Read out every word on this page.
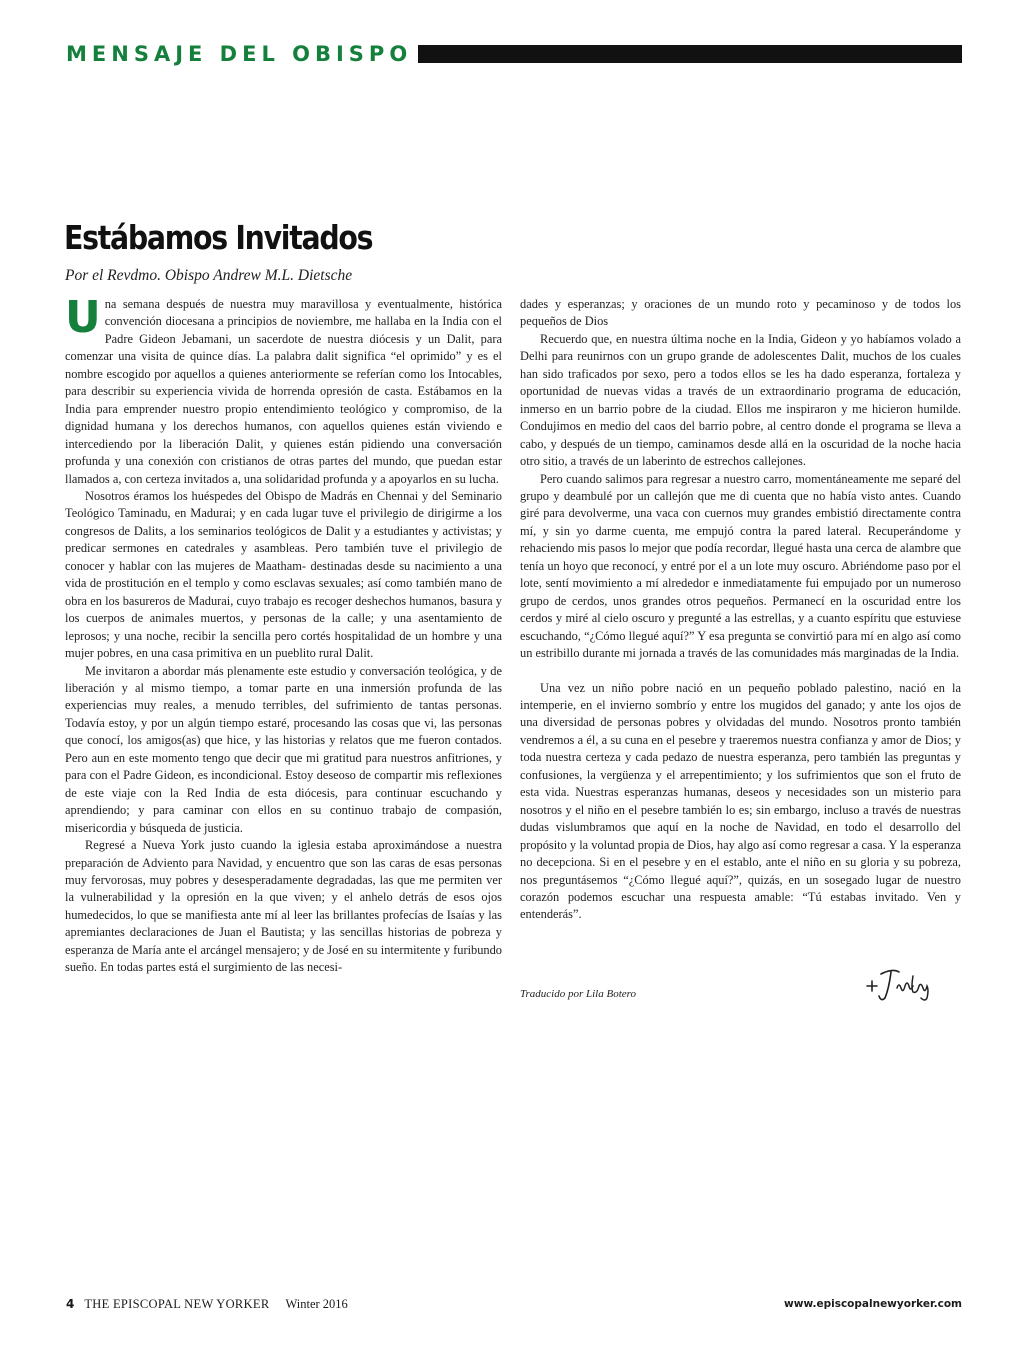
MENSAJE DEL OBISPO
Estábamos Invitados
Por el Revdmo. Obispo Andrew M.L. Dietsche

Una semana después de nuestra muy maravillosa y eventualmente, histórica convención diocesana a principios de noviembre, me hallaba en la India con el Padre Gideon Jebamani, un sacerdote de nuestra diócesis y un Dalit, para comenzar una visita de quince días. La palabra dalit significa “el oprimido” y es el nombre escogido por aquellos a quienes anteriormente se referían como los Intocables, para describir su experiencia vivida de horrenda opresión de casta. Estábamos en la India para emprender nuestro propio entendimiento teológico y compromiso, de la dignidad humana y los derechos humanos, con aquellos quienes están viviendo e intercediendo por la liberación Dalit, y quienes están pidiendo una conversación profunda y una conexión con cristianos de otras partes del mundo, que puedan estar llamados a, con certeza invitados a, una solidaridad profunda y a apoyarlos en su lucha.

Nosotros éramos los huéspedes del Obispo de Madrás en Chennai y del Seminario Teológico Taminadu, en Madurai; y en cada lugar tuve el privilegio de dirigirme a los congresos de Dalits, a los seminarios teológicos de Dalit y a estudiantes y activistas; y predicar sermones en catedrales y asambleas. Pero también tuve el privilegio de conocer y hablar con las mujeres de Maatham- destinadas desde su nacimiento a una vida de prostitución en el templo y como esclavas sexuales; así como también mano de obra en los basureros de Madurai, cuyo trabajo es recoger deshechos humanos, basura y los cuerpos de animales muertos, y personas de la calle; y una asentamiento de leprosos; y una noche, recibir la sencilla pero cortés hospitalidad de un hombre y una mujer pobres, en una casa primitiva en un pueblito rural Dalit.

Me invitaron a abordar más plenamente este estudio y conversación teológica, y de liberación y al mismo tiempo, a tomar parte en una inmersión profunda de las experiencias muy reales, a menudo terribles, del sufrimiento de tantas personas. Todavía estoy, y por un algún tiempo estaré, procesando las cosas que vi, las personas que conocí, los amigos(as) que hice, y las historias y relatos que me fueron contados. Pero aun en este momento tengo que decir que mi gratitud para nuestros anfitriones, y para con el Padre Gideon, es incondicional. Estoy deseoso de compartir mis reflexiones de este viaje con la Red India de esta diócesis, para continuar escuchando y aprendiendo; y para caminar con ellos en su continuo trabajo de compasión, misericordia y búsqueda de justicia.

Regresé a Nueva York justo cuando la iglesia estaba aproximándose a nuestra preparación de Adviento para Navidad, y encuentro que son las caras de esas personas muy fervorosas, muy pobres y desesperadamente degradadas, las que me permiten ver la vulnerabilidad y la opresión en la que viven; y el anhelo detrás de esos ojos humedecidos, lo que se manifiesta ante mí al leer las brillantes profecías de Isaías y las apremiantes declaraciones de Juan el Bautista; y las sencillas historias de pobreza y esperanza de María ante el arcángel mensajero; y de José en su intermitente y furibundo sueño. En todas partes está el surgimiento de las necesi-

dades y esperanzas; y oraciones de un mundo roto y pecaminoso y de todos los pequeños de Dios

Recuerdo que, en nuestra última noche en la India, Gideon y yo habíamos volado a Delhi para reunirnos con un grupo grande de adolescentes Dalit, muchos de los cuales han sido traficados por sexo, pero a todos ellos se les ha dado esperanza, fortaleza y oportunidad de nuevas vidas a través de un extraordinario programa de educación, inmerso en un barrio pobre de la ciudad. Ellos me inspiraron y me hicieron humilde. Condujimos en medio del caos del barrio pobre, al centro donde el programa se lleva a cabo, y después de un tiempo, caminamos desde allá en la oscuridad de la noche hacia otro sitio, a través de un laberinto de estrechos callejones.

Pero cuando salimos para regresar a nuestro carro, momentáneamente me separé del grupo y deambulé por un callejón que me di cuenta que no había visto antes. Cuando giré para devolverme, una vaca con cuernos muy grandes embistió directamente contra mí, y sin yo darme cuenta, me empujó contra la pared lateral. Recuperándome y rehaciendo mis pasos lo mejor que podía recordar, llegué hasta una cerca de alambre que tenía un hoyo que reconocí, y entré por el a un lote muy oscuro. Abriéndome paso por el lote, sentí movimiento a mí alrededor e inmediatamente fui empujado por un numeroso grupo de cerdos, unos grandes otros pequeños. Permanecí en la oscuridad entre los cerdos y miré al cielo oscuro y pregunté a las estrellas, y a cuanto espíritu que estuviese escuchando, “¿Cómo llegué aquí?” Y esa pregunta se convirtió para mí en algo así como un estribillo durante mi jornada a través de las comunidades más marginadas de la India.

Una vez un niño pobre nació en un pequeño poblado palestino, nació en la intemperie, en el invierno sombrío y entre los mugidos del ganado; y ante los ojos de una diversidad de personas pobres y olvidadas del mundo. Nosotros pronto también vendremos a él, a su cuna en el pesebre y traeremos nuestra confianza y amor de Dios; y toda nuestra certeza y cada pedazo de nuestra esperanza, pero también las preguntas y confusiones, la vergüenza y el arrepentimiento; y los sufrimientos que son el fruto de esta vida. Nuestras esperanzas humanas, deseos y necesidades son un misterio para nosotros y el niño en el pesebre también lo es; sin embargo, incluso a través de nuestras dudas vislumbramos que aquí en la noche de Navidad, en todo el desarrollo del propósito y la voluntad propia de Dios, hay algo así como regresar a casa. Y la esperanza no decepciona. Si en el pesebre y en el establo, ante el niño en su gloria y su pobreza, nos preguntásemos “¿Cómo llegué aquí?”, quizás, en un sosegado lugar de nuestro corazón podemos escuchar una respuesta amable: “Tú estabas invitado. Ven y entenderás”.

Traducido por Lila Botero
4 THE EPISCOPAL NEW YORKER Winter 2016	www.episcopalnewyorker.com
